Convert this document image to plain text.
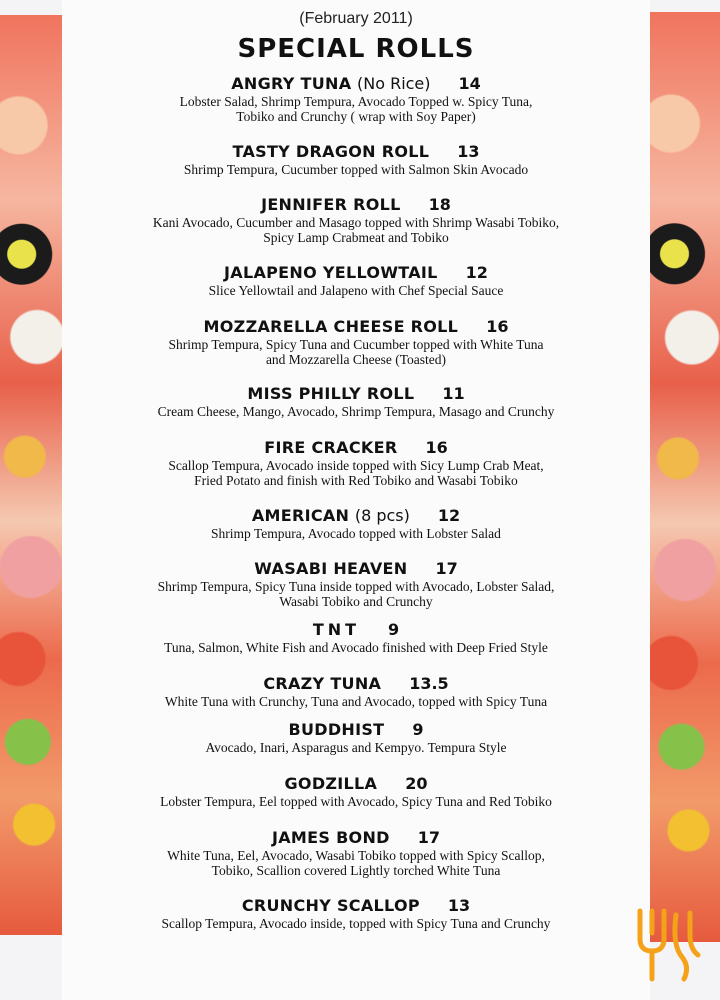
(February 2011)
SPECIAL ROLLS
ANGRY TUNA (No Rice) 14
Lobster Salad, Shrimp Tempura, Avocado Topped w. Spicy Tuna,
Tobiko and Crunchy ( wrap with Soy Paper)
TASTY DRAGON ROLL 13
Shrimp Tempura, Cucumber topped with Salmon Skin Avocado
JENNIFER ROLL 18
Kani Avocado, Cucumber and Masago topped with Shrimp Wasabi Tobiko,
Spicy Lamp Crabmeat and Tobiko
JALAPENO YELLOWTAIL 12
Slice Yellowtail and Jalapeno with Chef Special Sauce
MOZZARELLA CHEESE ROLL 16
Shrimp Tempura, Spicy Tuna and Cucumber topped with White Tuna
and Mozzarella Cheese (Toasted)
MISS PHILLY ROLL 11
Cream Cheese, Mango, Avocado, Shrimp Tempura, Masago and Crunchy
FIRE CRACKER 16
Scallop Tempura, Avocado inside topped with Sicy Lump Crab Meat,
Fried Potato and finish with Red Tobiko and Wasabi Tobiko
AMERICAN (8 pcs) 12
Shrimp Tempura, Avocado topped with Lobster Salad
WASABI HEAVEN 17
Shrimp Tempura, Spicy Tuna inside topped with Avocado, Lobster Salad,
Wasabi Tobiko and Crunchy
TNT 9
Tuna, Salmon, White Fish and Avocado finished with Deep Fried Style
CRAZY TUNA 13.5
White Tuna with Crunchy, Tuna and Avocado, topped with Spicy Tuna
BUDDHIST 9
Avocado, Inari, Asparagus and Kempyo. Tempura Style
GODZILLA 20
Lobster Tempura, Eel topped with Avocado, Spicy Tuna and Red Tobiko
JAMES BOND 17
White Tuna, Eel, Avocado, Wasabi Tobiko topped with Spicy Scallop,
Tobiko, Scallion covered Lightly torched White Tuna
CRUNCHY SCALLOP 13
Scallop Tempura, Avocado inside, topped with Spicy Tuna and Crunchy
